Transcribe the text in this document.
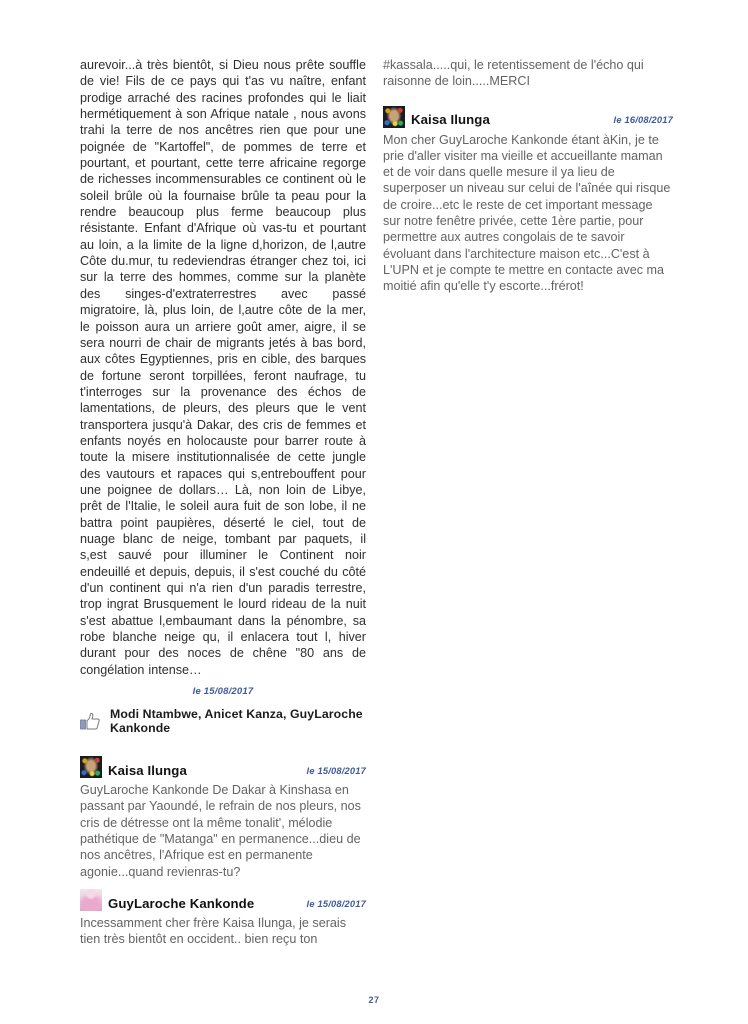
aurevoir...à très bientôt, si Dieu nous prête souffle de vie! Fils de ce pays qui t'as vu naître, enfant prodige arraché des racines profondes qui le liait hermétiquement à son Afrique natale , nous avons trahi la terre de nos ancêtres rien que pour une poignée de "Kartoffel", de pommes de terre et pourtant, et pourtant, cette terre africaine regorge de richesses incommensurables ce continent où le soleil brûle où la fournaise brûle ta peau pour la rendre beaucoup plus ferme beaucoup plus résistante. Enfant d'Afrique où vas-tu et pourtant au loin, a la limite de la ligne d,horizon, de l,autre Côte du.mur, tu redeviendras étranger chez toi, ici sur la terre des hommes, comme sur la planète des singes-d'extraterrestres avec passé migratoire, là, plus loin, de l,autre côte de la mer, le poisson aura un arriere goût amer, aigre, il se sera nourri de chair de migrants jetés à bas bord, aux côtes Egyptiennes, pris en cible, des barques de fortune seront torpillées, feront naufrage, tu t'interroges sur la provenance des échos de lamentations, de pleurs, des pleurs que le vent transportera jusqu'à Dakar, des cris de femmes et enfants noyés en holocauste pour barrer route à toute la misere institutionnalisée de cette jungle des vautours et rapaces qui s,entrebouffent pour une poignee de dollars… Là, non loin de Libye, prêt de l'Italie, le soleil aura fuit de son lobe, il ne battra point paupières, déserté le ciel, tout de nuage blanc de neige, tombant par paquets, il s,est sauvé pour illuminer le Continent noir endeuillé et depuis, depuis, il s'est couché du côté d'un continent qui n'a rien d'un paradis terrestre, trop ingrat Brusquement le lourd rideau de la nuit s'est abattue l,embaumant dans la pénombre, sa robe blanche neige qu, il enlacera tout l, hiver durant pour des noces de chêne "80 ans de congélation intense…
le 15/08/2017
Modi Ntambwe, Anicet Kanza, GuyLaroche Kankonde
Kaisa Ilunga	le 15/08/2017
GuyLaroche Kankonde De Dakar à Kinshasa en passant par Yaoundé, le refrain de nos pleurs, nos cris de détresse ont la même tonalit', mélodie pathétique de "Matanga" en permanence...dieu de nos ancêtres, l'Afrique est en permanente agonie...quand revienras-tu?
GuyLaroche Kankonde	le 15/08/2017
Incessamment cher frère Kaisa Ilunga, je serais tien très bientôt en occident.. bien reçu ton
#kassala.....qui, le retentissement de l'écho qui raisonne de loin.....MERCI
Kaisa Ilunga	le 16/08/2017
Mon cher GuyLaroche Kankonde étant àKin, je te prie d'aller visiter ma vieille et accueillante maman et de voir dans quelle mesure il ya lieu de superposer un niveau sur celui de l'aînée qui risque de croire...etc le reste de cet important message sur notre fenêtre privée, cette 1ère partie, pour permettre aux autres congolais de te savoir évoluant dans l'architecture maison etc...C'est à L'UPN et je compte te mettre en contacte avec ma moitié afin qu'elle t'y escorte...frérot!
27
